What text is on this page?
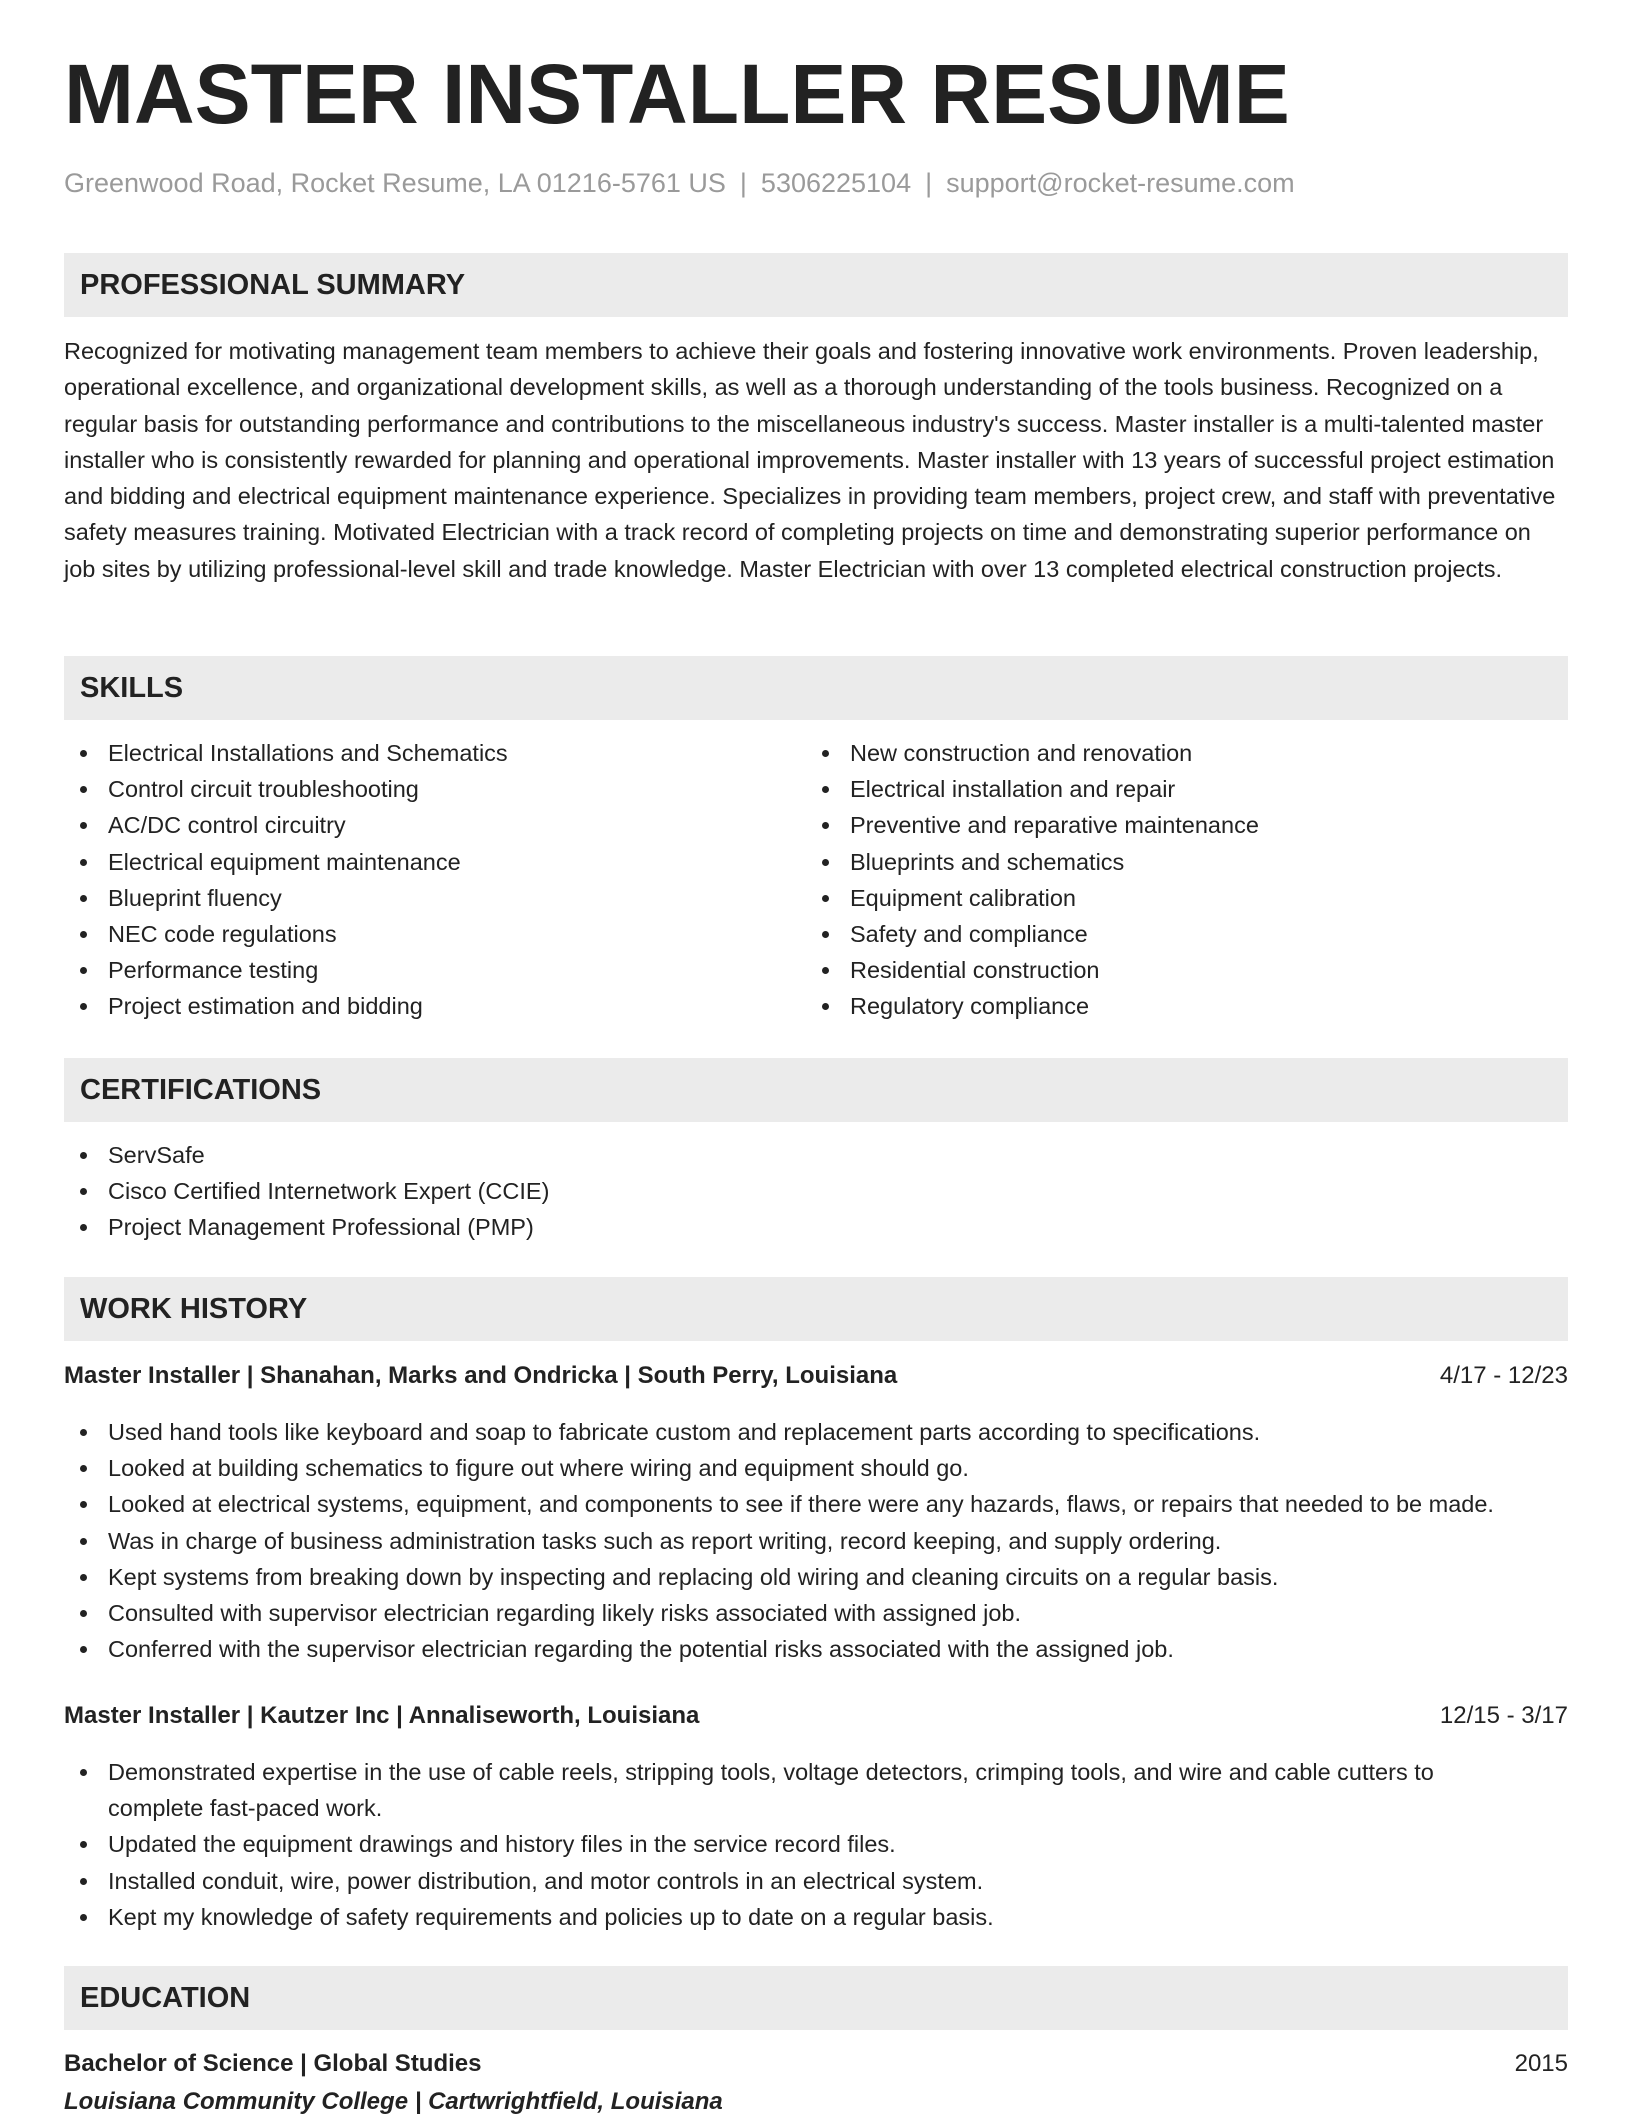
MASTER INSTALLER RESUME
Greenwood Road, Rocket Resume, LA 01216-5761 US | 5306225104 | support@rocket-resume.com
PROFESSIONAL SUMMARY

Recognized for motivating management team members to achieve their goals and fostering innovative work environments. Proven leadership, operational excellence, and organizational development skills, as well as a thorough understanding of the tools business. Recognized on a regular basis for outstanding performance and contributions to the miscellaneous industry's success. Master installer is a multi-talented master installer who is consistently rewarded for planning and operational improvements. Master installer with 13 years of successful project estimation and bidding and electrical equipment maintenance experience. Specializes in providing team members, project crew, and staff with preventative safety measures training. Motivated Electrician with a track record of completing projects on time and demonstrating superior performance on job sites by utilizing professional-level skill and trade knowledge. Master Electrician with over 13 completed electrical construction projects.

SKILLS
Electrical Installations and Schematics
Control circuit troubleshooting
AC/DC control circuitry
Electrical equipment maintenance
Blueprint fluency
NEC code regulations
Performance testing
Project estimation and bidding
New construction and renovation
Electrical installation and repair
Preventive and reparative maintenance
Blueprints and schematics
Equipment calibration
Safety and compliance
Residential construction
Regulatory compliance
CERTIFICATIONS
ServSafe
Cisco Certified Internetwork Expert (CCIE)
Project Management Professional (PMP)
WORK HISTORY
Master Installer | Shanahan, Marks and Ondricka | South Perry, Louisiana	4/17 - 12/23
Used hand tools like keyboard and soap to fabricate custom and replacement parts according to specifications.
Looked at building schematics to figure out where wiring and equipment should go.
Looked at electrical systems, equipment, and components to see if there were any hazards, flaws, or repairs that needed to be made.
Was in charge of business administration tasks such as report writing, record keeping, and supply ordering.
Kept systems from breaking down by inspecting and replacing old wiring and cleaning circuits on a regular basis.
Consulted with supervisor electrician regarding likely risks associated with assigned job.
Conferred with the supervisor electrician regarding the potential risks associated with the assigned job.
Master Installer | Kautzer Inc | Annaliseworth, Louisiana	12/15 - 3/17
Demonstrated expertise in the use of cable reels, stripping tools, voltage detectors, crimping tools, and wire and cable cutters to complete fast-paced work.
Updated the equipment drawings and history files in the service record files.
Installed conduit, wire, power distribution, and motor controls in an electrical system.
Kept my knowledge of safety requirements and policies up to date on a regular basis.
EDUCATION
Bachelor of Science | Global Studies	2015
Louisiana Community College | Cartwrightfield, Louisiana
